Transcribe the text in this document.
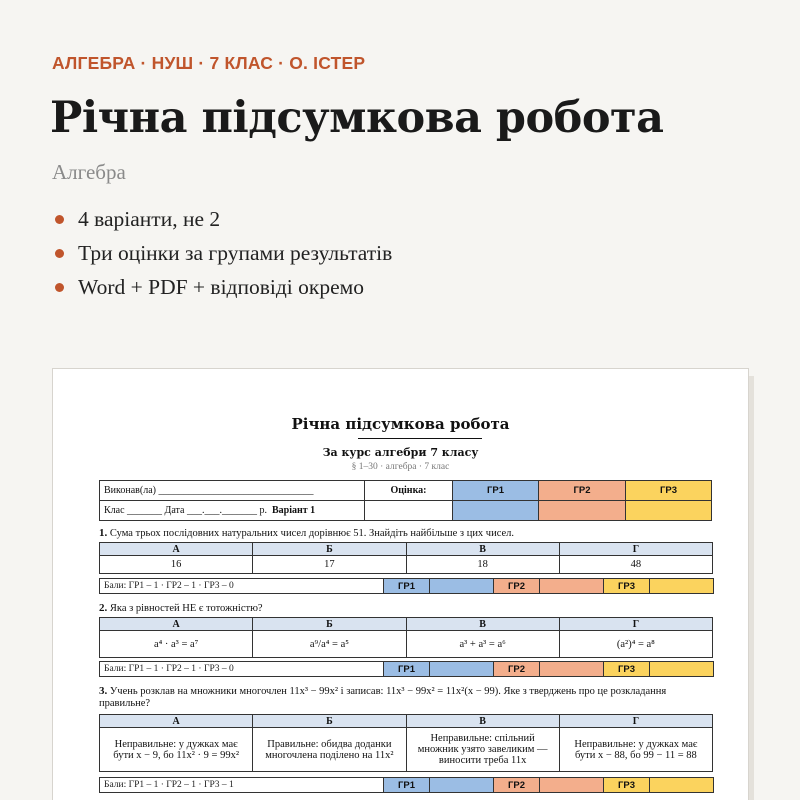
АЛГЕБРА · НУШ · 7 КЛАС · О. ІСТЕР
Річна підсумкова робота
Алгебра
4 варіанти, не 2
Три оцінки за групами результатів
Word + PDF + відповіді окремо
Річна підсумкова робота
За курс алгебри 7 класу
§ 1–30 · алгебра · 7 клас
Виконав(ла) _______________________________	Оцінка:	ГР1	ГР2	ГР3
Клас _______ Дата ___.___._______ р. Варіант 1				
1. Сума трьох послідовних натуральних чисел дорівнює 51. Знайдіть найбільше з цих чисел.
А	Б	В	Г
16	17	18	48
Бали: ГР1 – 1 · ГР2 – 1 · ГР3 – 0	ГР1		ГР2		ГР3	
2. Яка з рівностей НЕ є тотожністю?
А	Б	В	Г
a⁴ · a³ = a⁷	a⁹/a⁴ = a⁵	a³ + a³ = a⁶	(a²)⁴ = a⁸
Бали: ГР1 – 1 · ГР2 – 1 · ГР3 – 0	ГР1		ГР2		ГР3	
3. Учень розклав на множники многочлен 11x³ − 99x² і записав: 11x³ − 99x² = 11x²(x − 99). Яке з тверджень про це розкладання правильне?
А	Б	В	Г
Неправильне: у дужках має бути x − 9, бо 11x² · 9 = 99x²	Правильне: обидва доданки многочлена поділено на 11x²	Неправильне: спільний множник узято завеликим — виносити треба 11x	Неправильне: у дужках має бути x − 88, бо 99 − 11 = 88
Бали: ГР1 – 1 · ГР2 – 1 · ГР3 – 1	ГР1		ГР2		ГР3	
